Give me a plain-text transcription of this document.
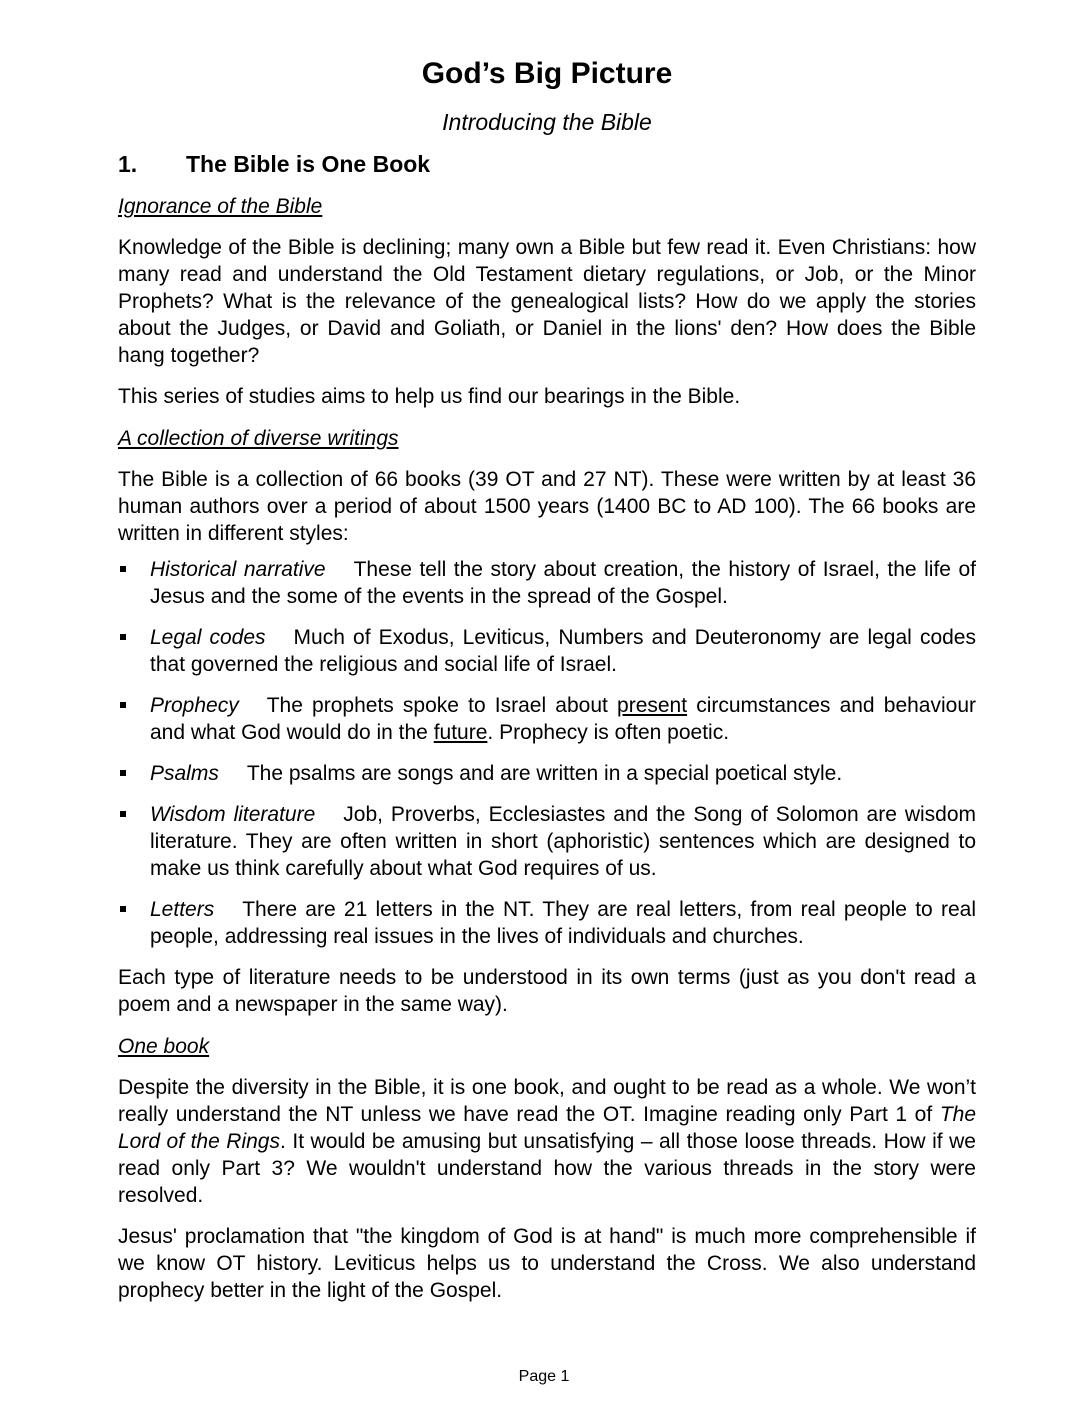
God’s Big Picture
Introducing the Bible
1.	The Bible is One Book
Ignorance of the Bible

Knowledge of the Bible is declining; many own a Bible but few read it. Even Christians: how many read and understand the Old Testament dietary regulations, or Job, or the Minor Prophets? What is the relevance of the genealogical lists? How do we apply the stories about the Judges, or David and Goliath, or Daniel in the lions' den? How does the Bible hang together?

This series of studies aims to help us find our bearings in the Bible.

A collection of diverse writings

The Bible is a collection of 66 books (39 OT and 27 NT). These were written by at least 36 human authors over a period of about 1500 years (1400 BC to AD 100). The 66 books are written in different styles:

Historical narrative These tell the story about creation, the history of Israel, the life of Jesus and the some of the events in the spread of the Gospel.
Legal codes Much of Exodus, Leviticus, Numbers and Deuteronomy are legal codes that governed the religious and social life of Israel.
Prophecy The prophets spoke to Israel about present circumstances and behaviour and what God would do in the future. Prophecy is often poetic.
Psalms The psalms are songs and are written in a special poetical style.
Wisdom literature Job, Proverbs, Ecclesiastes and the Song of Solomon are wisdom literature. They are often written in short (aphoristic) sentences which are designed to make us think carefully about what God requires of us.
Letters There are 21 letters in the NT. They are real letters, from real people to real people, addressing real issues in the lives of individuals and churches.

Each type of literature needs to be understood in its own terms (just as you don't read a poem and a newspaper in the same way).

One book

Despite the diversity in the Bible, it is one book, and ought to be read as a whole. We won’t really understand the NT unless we have read the OT. Imagine reading only Part 1 of The Lord of the Rings. It would be amusing but unsatisfying – all those loose threads. How if we read only Part 3? We wouldn't understand how the various threads in the story were resolved.

Jesus' proclamation that "the kingdom of God is at hand" is much more comprehensible if we know OT history. Leviticus helps us to understand the Cross. We also understand prophecy better in the light of the Gospel.

Page 1
